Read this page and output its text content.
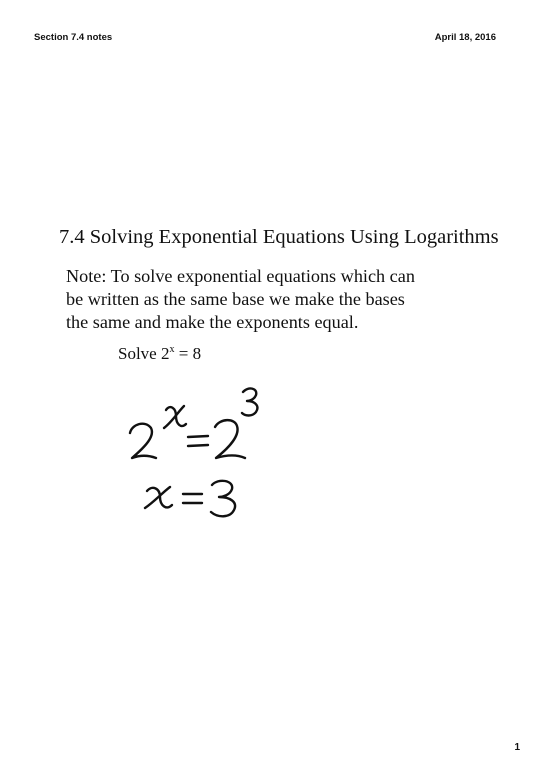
Section 7.4 notes	April 18, 2016
7.4 Solving Exponential Equations Using Logarithms
Note: To solve exponential equations which can
be written as the same base we make the bases
the same and make the exponents equal.
Solve $2^x = 8$
1
